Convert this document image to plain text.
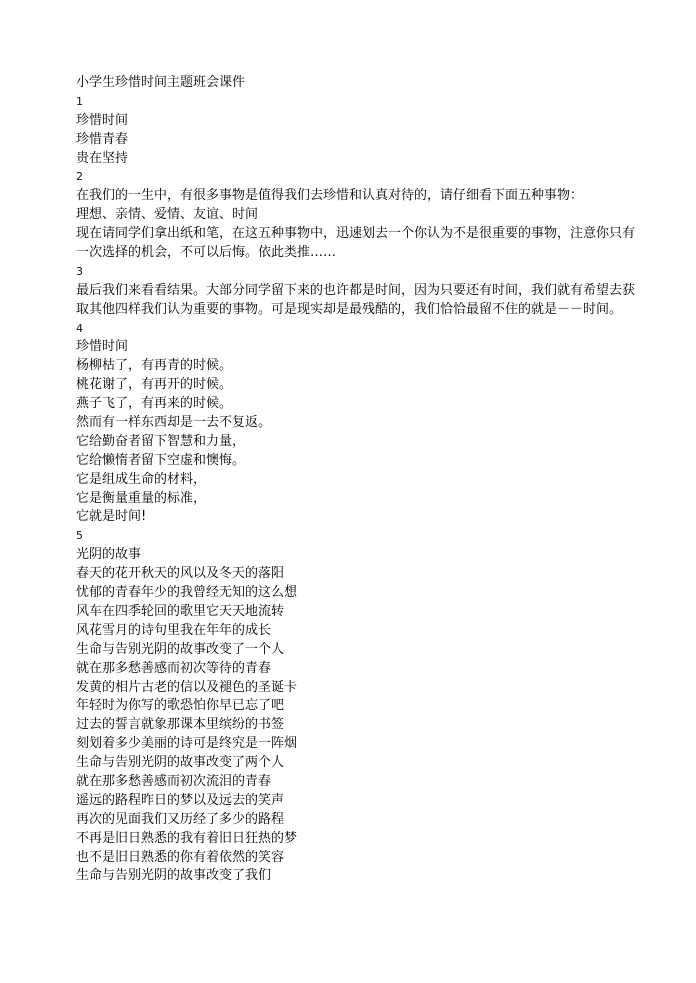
小学生珍惜时间主题班会课件
1
珍惜时间
珍惜青春
贵在坚持
2
在我们的一生中，有很多事物是值得我们去珍惜和认真对待的，请仔细看下面五种事物：
理想、亲情、爱情、友谊、时间
现在请同学们拿出纸和笔，在这五种事物中，迅速划去一个你认为不是很重要的事物，注意你只有
一次选择的机会，不可以后悔。依此类推……
3
最后我们来看看结果。大部分同学留下来的也许都是时间，因为只要还有时间，我们就有希望去获
取其他四样我们认为重要的事物。可是现实却是最残酷的，我们恰恰最留不住的就是－－时间。
4
珍惜时间
杨柳枯了，有再青的时候。
桃花谢了，有再开的时候。
燕子飞了，有再来的时候。
然而有一样东西却是一去不复返。
它给勤奋者留下智慧和力量，
它给懒惰者留下空虚和懊悔。
它是组成生命的材料，
它是衡量重量的标准，
它就是时间!
5
光阴的故事
春天的花开秋天的风以及冬天的落阳
忧郁的青春年少的我曾经无知的这么想
风车在四季轮回的歌里它天天地流转
风花雪月的诗句里我在年年的成长
生命与告别光阴的故事改变了一个人
就在那多愁善感而初次等待的青春
发黄的相片古老的信以及褪色的圣诞卡
年轻时为你写的歌恐怕你早已忘了吧
过去的誓言就象那课本里缤纷的书签
刻划着多少美丽的诗可是终究是一阵烟
生命与告别光阴的故事改变了两个人
就在那多愁善感而初次流泪的青春
遥远的路程昨日的梦以及远去的笑声
再次的见面我们又历经了多少的路程
不再是旧日熟悉的我有着旧日狂热的梦
也不是旧日熟悉的你有着依然的笑容
生命与告别光阴的故事改变了我们
